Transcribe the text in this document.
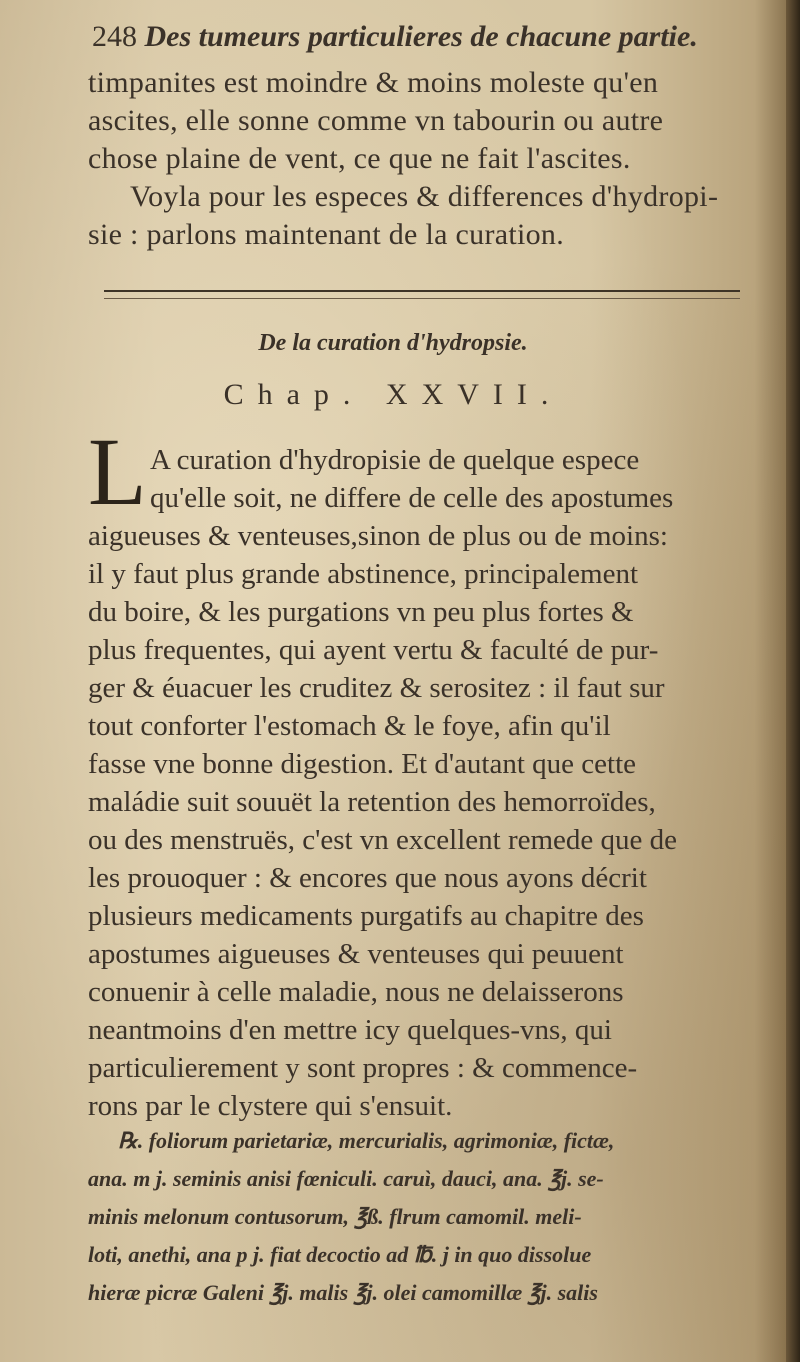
248 Des tumeurs particulieres de chacune partie.
timpanites est moindre & moins moleste qu'en
ascites, elle sonne comme vn tabourin ou autre
chose plaine de vent, ce que ne fait l'ascites.
Voyla pour les especes & differences d'hydropi-
sie : parlons maintenant de la curation.
De la curation d'hydropsie.
Chap. XXVII.
L A curation d'hydropisie de quelque espece
qu'elle soit, ne differe de celle des apostumes
aigueuses & venteuses,sinon de plus ou de moins:
il y faut plus grande abstinence, principalement
du boire, & les purgations vn peu plus fortes &
plus frequentes, qui ayent vertu & faculté de pur-
ger & éuacuer les cruditez & serositez : il faut sur
tout conforter l'estomach & le foye, afin qu'il
fasse vne bonne digestion. Et d'autant que cette
maládie suit souuët la retention des hemorroïdes,
ou des menstruës, c'est vn excellent remede que de
les prouoquer : & encores que nous ayons décrit
plusieurs medicaments purgatifs au chapitre des
apostumes aigueuses & venteuses qui peuuent
conuenir à celle maladie, nous ne delaisserons
neantmoins d'en mettre icy quelques-vns, qui
particulierement y sont propres : & commence-
rons par le clystere qui s'ensuit.
℞. foliorum parietariæ, mercurialis, agrimoniæ, fictæ,
ana. m j. seminis anisi fœniculi. caruì, dauci, ana. ℥j. se-
minis melonum contusorum, ℥ß. flrum camomil. meli-
loti, anethi, ana p j. fiat decoctio ad ℔. j in quo dissolue
hieræ picræ Galeni ℥j. malis ℥j. olei camomillæ ℥j. salis
